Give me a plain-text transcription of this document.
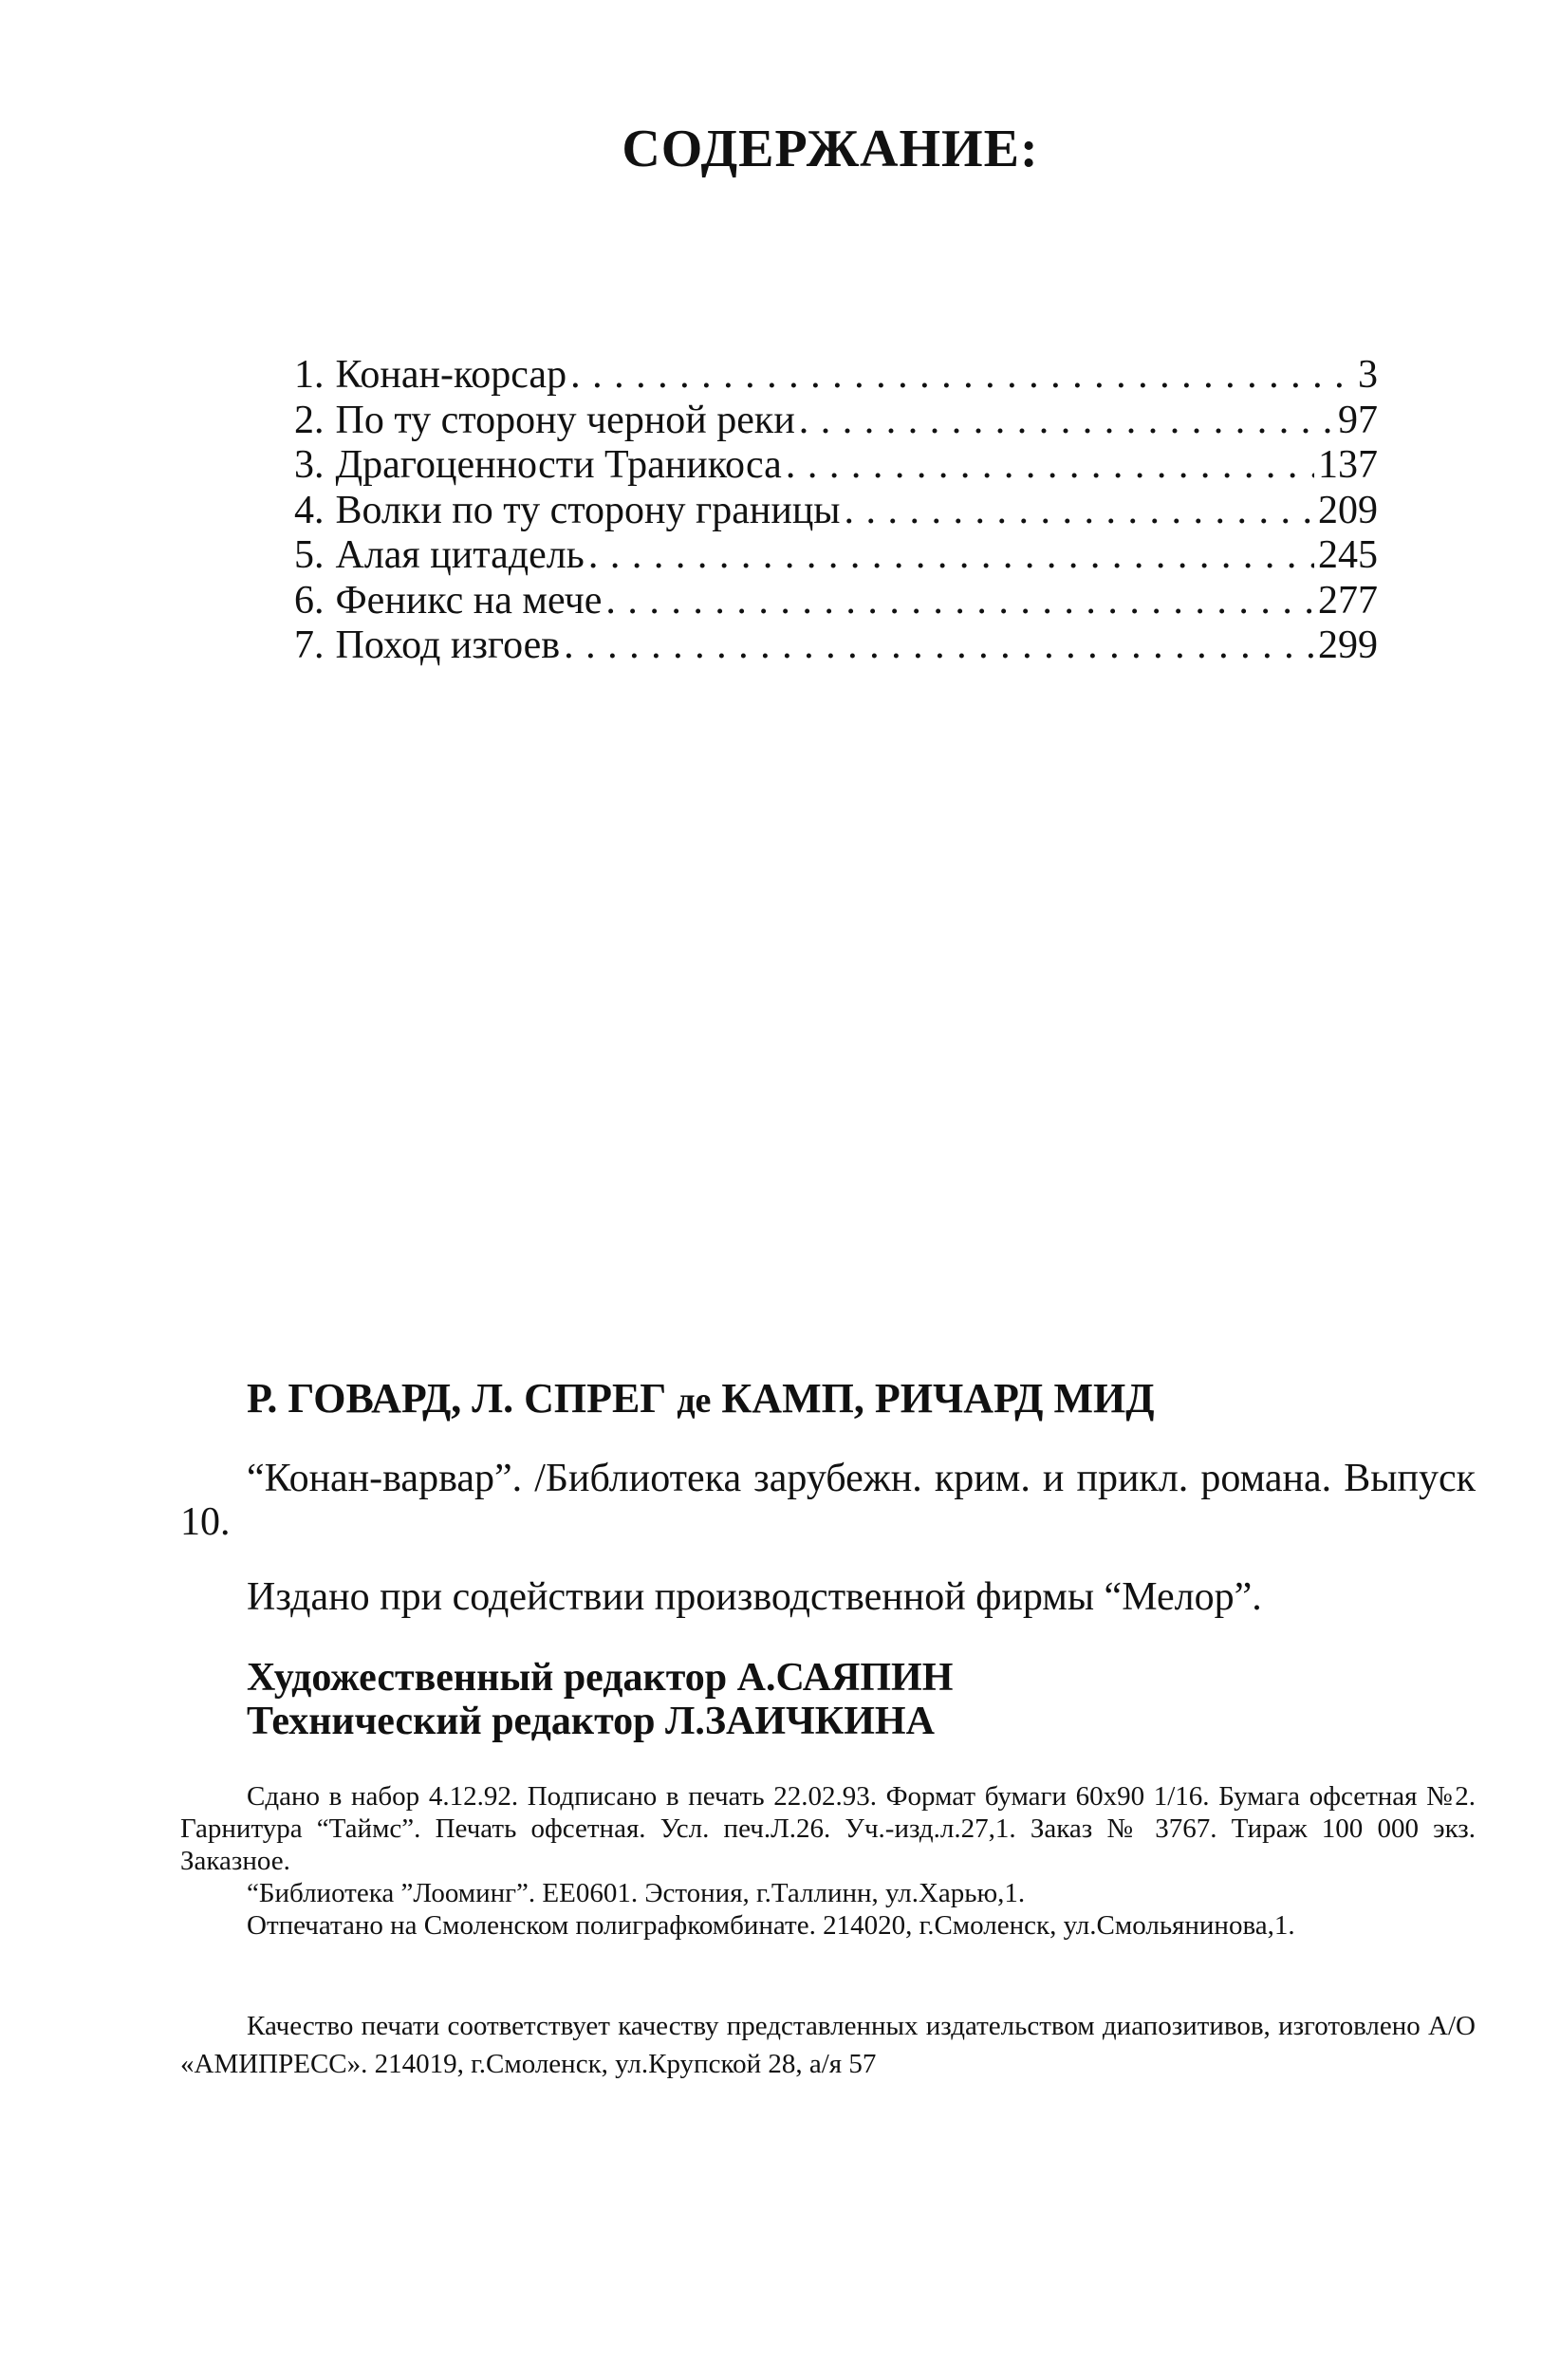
СОДЕРЖАНИЕ:
1. Конан-корсар . . .	3
2. По ту сторону черной реки . . .	97
3. Драгоценности Траникоса . . .	137
4. Волки по ту сторону границы . . .	209
5. Алая цитадель . . .	245
6. Феникс на мече . . .	277
7. Поход изгоев . . .	299
Р. ГОВАРД, Л. СПРЕГ де КАМП, РИЧАРД МИД
“Конан-варвар”. /Библиотека зарубежн. крим. и прикл. романа. Выпуск 10.
Издано при содействии производственной фирмы “Мелор”.
Художественный редактор А.САЯПИН
Технический редактор Л.ЗАИЧКИНА

Сдано в набор 4.12.92. Подписано в печать 22.02.93. Формат бумаги 60х90 1/16. Бумага офсетная №2. Гарнитура “Таймс”. Печать офсетная. Усл. печ.Л.26. Уч.-изд.л.27,1. Заказ № 3767. Тираж 100 000 экз. Заказное.

“Библиотека ”Лооминг”. ЕЕ0601. Эстония, г.Таллинн, ул.Харью,1.

Отпечатано на Смоленском полиграфкомбинате. 214020, г.Смоленск, ул.Смольянинова,1.

Качество печати соответствует качеству представленных издательством диапозитивов, изготовлено А/О «АМИПРЕСС». 214019, г.Смоленск, ул.Крупской 28, а/я 57
